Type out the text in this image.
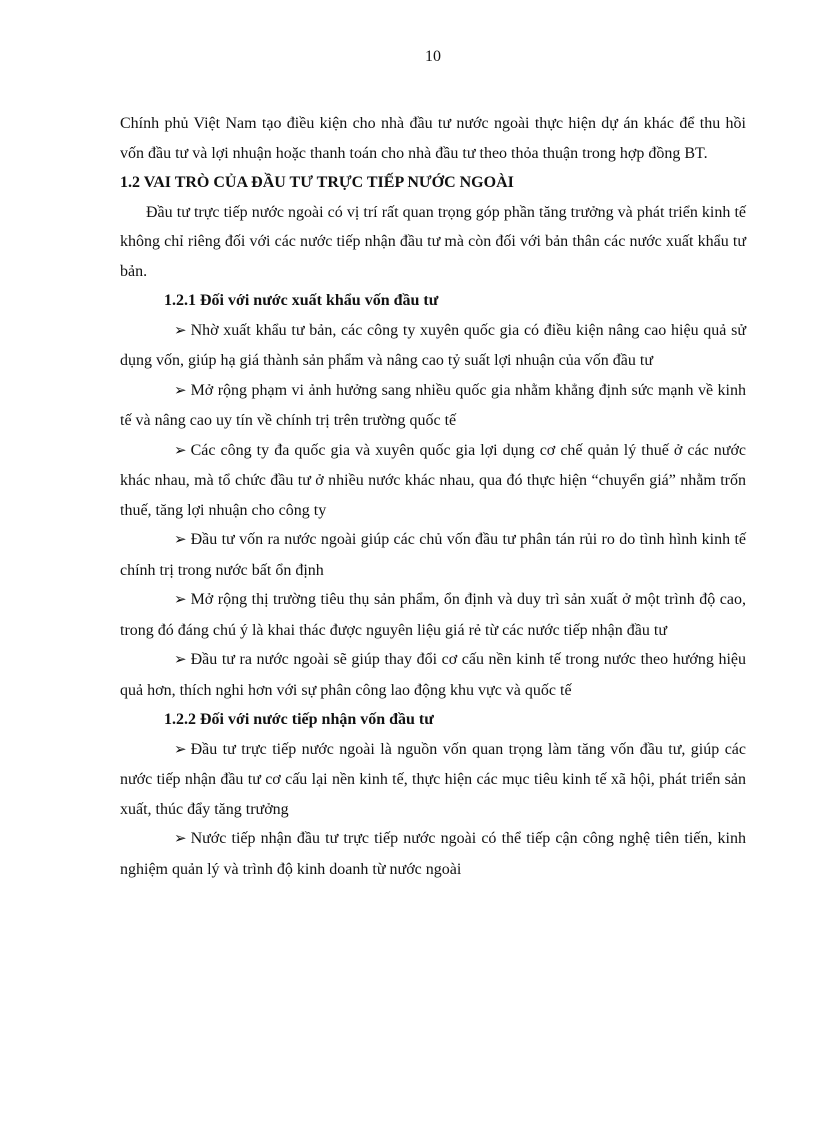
10

Chính phủ Việt Nam tạo điều kiện cho nhà đầu tư nước ngoài thực hiện dự án khác để thu hồi vốn đầu tư và lợi nhuận hoặc thanh toán cho nhà đầu tư theo thỏa thuận trong hợp đồng BT.

1.2 VAI TRÒ CỦA ĐẦU TƯ TRỰC TIẾP NƯỚC NGOÀI

Đầu tư trực tiếp nước ngoài có vị trí rất quan trọng góp phần tăng trưởng và phát triển kinh tế không chỉ riêng đối với các nước tiếp nhận đầu tư mà còn đối với bản thân các nước xuất khẩu tư bản.

1.2.1 Đối với nước xuất khẩu vốn đầu tư

➢ Nhờ xuất khẩu tư bản, các công ty xuyên quốc gia có điều kiện nâng cao hiệu quả sử dụng vốn, giúp hạ giá thành sản phẩm và nâng cao tỷ suất lợi nhuận của vốn đầu tư

➢ Mở rộng phạm vi ảnh hưởng sang nhiều quốc gia nhằm khẳng định sức mạnh về kinh tế và nâng cao uy tín về chính trị trên trường quốc tế

➢ Các công ty đa quốc gia và xuyên quốc gia lợi dụng cơ chế quản lý thuế ở các nước khác nhau, mà tổ chức đầu tư ở nhiều nước khác nhau, qua đó thực hiện “chuyển giá” nhằm trốn thuế, tăng lợi nhuận cho công ty

➢ Đầu tư vốn ra nước ngoài giúp các chủ vốn đầu tư phân tán rủi ro do tình hình kinh tế chính trị trong nước bất ổn định

➢ Mở rộng thị trường tiêu thụ sản phẩm, ổn định và duy trì sản xuất ở một trình độ cao, trong đó đáng chú ý là khai thác được nguyên liệu giá rẻ từ các nước tiếp nhận đầu tư

➢ Đầu tư ra nước ngoài sẽ giúp thay đổi cơ cấu nền kinh tế trong nước theo hướng hiệu quả hơn, thích nghi hơn với sự phân công lao động khu vực và quốc tế

1.2.2 Đối với nước tiếp nhận vốn đầu tư

➢ Đầu tư trực tiếp nước ngoài là nguồn vốn quan trọng làm tăng vốn đầu tư, giúp các nước tiếp nhận đầu tư cơ cấu lại nền kinh tế, thực hiện các mục tiêu kinh tế xã hội, phát triển sản xuất, thúc đẩy tăng trưởng

➢ Nước tiếp nhận đầu tư trực tiếp nước ngoài có thể tiếp cận công nghệ tiên tiến, kinh nghiệm quản lý và trình độ kinh doanh từ nước ngoài
